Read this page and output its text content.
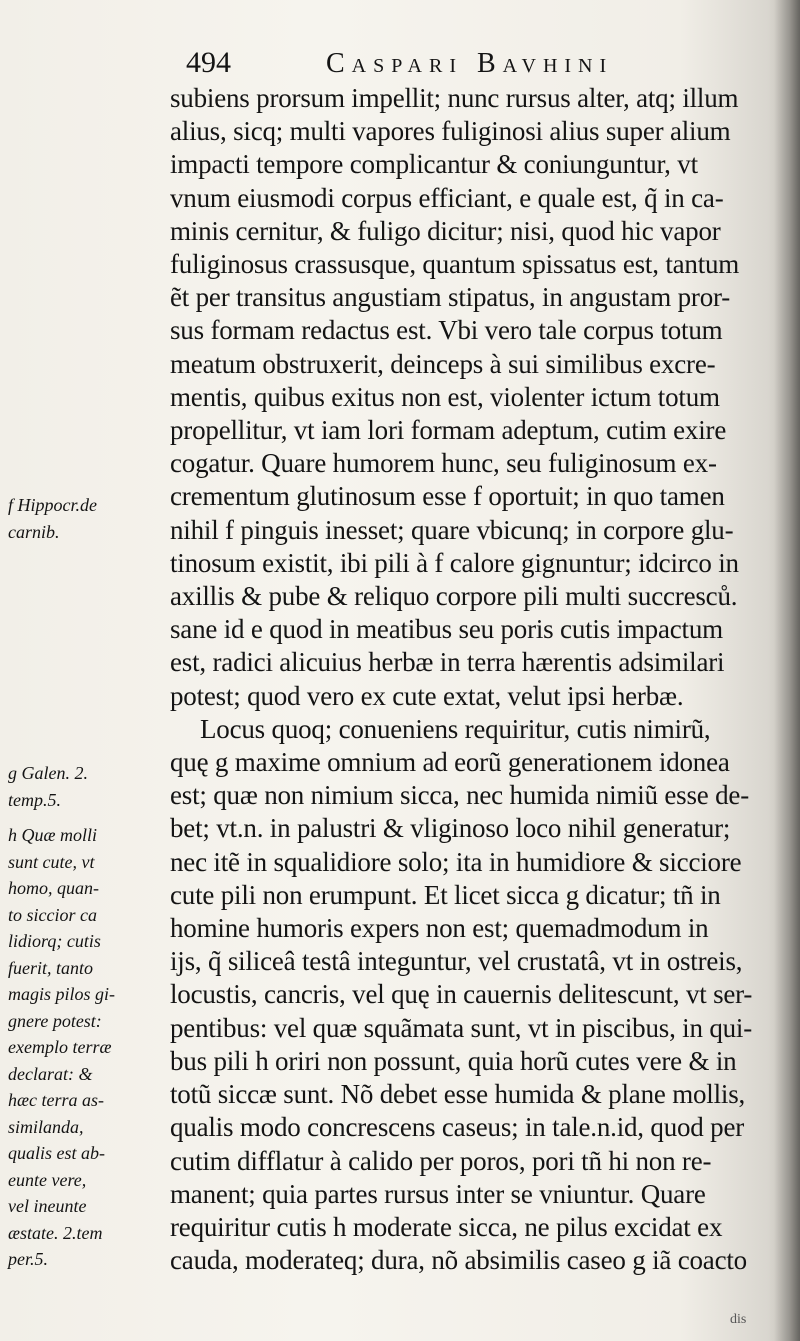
494	Caspari Bavhini
f Hippocr.de
carnib.
g Galen. 2.
temp.5.
h Quæ molli
sunt cute, vt
homo, quan-
to siccior ca
lidiorq; cutis
fuerit, tanto
magis pilos gi-
gnere potest:
exemplo terræ
declarat: &
hæc terra as-
similanda,
qualis est ab-
eunte vere,
vel ineunte
æstate. 2.tem
per.5.
subiens prorsum impellit; nunc rursus alter, atq; illum
alius, sicq; multi vapores fuliginosi alius super alium
impacti tempore complicantur & coniunguntur, vt
vnum eiusmodi corpus efficiant, e quale est, q̃ in ca-
minis cernitur, & fuligo dicitur; nisi, quod hic vapor
fuliginosus crassusque, quantum spissatus est, tantum
ẽt per transitus angustiam stipatus, in angustam pror-
sus formam redactus est. Vbi vero tale corpus totum
meatum obstruxerit, deinceps à sui similibus excre-
mentis, quibus exitus non est, violenter ictum totum
propellitur, vt iam lori formam adeptum, cutim exire
cogatur. Quare humorem hunc, seu fuliginosum ex-
crementum glutinosum esse f oportuit; in quo tamen
nihil f pinguis inesset; quare vbicunq; in corpore glu-
tinosum existit, ibi pili à f calore gignuntur; idcirco in
axillis & pube & reliquo corpore pili multi succresců.
sane id e quod in meatibus seu poris cutis impactum
est, radici alicuius herbæ in terra hærentis adsimilari
potest; quod vero ex cute extat, velut ipsi herbæ.
Locus quoq; conueniens requiritur, cutis nimirũ,
quę g maxime omnium ad eorũ generationem idonea
est; quæ non nimium sicca, nec humida nimiũ esse de-
bet; vt.n. in palustri & vliginoso loco nihil generatur;
nec itẽ in squalidiore solo; ita in humidiore & sicciore
cute pili non erumpunt. Et licet sicca g dicatur; tñ in
homine humoris expers non est; quemadmodum in
ijs, q̃ siliceâ testâ integuntur, vel crustatâ, vt in ostreis,
locustis, cancris, vel quę in cauernis delitescunt, vt ser-
pentibus: vel quæ squãmata sunt, vt in piscibus, in qui-
bus pili h oriri non possunt, quia horũ cutes vere & in
totũ siccæ sunt. Nõ debet esse humida & plane mollis,
qualis modo concrescens caseus; in tale.n.id, quod per
cutim difflatur à calido per poros, pori tñ hi non re-
manent; quia partes rursus inter se vniuntur. Quare
requiritur cutis h moderate sicca, ne pilus excidat ex
cauda, moderateq; dura, nõ absimilis caseo g iã coacto
dis
